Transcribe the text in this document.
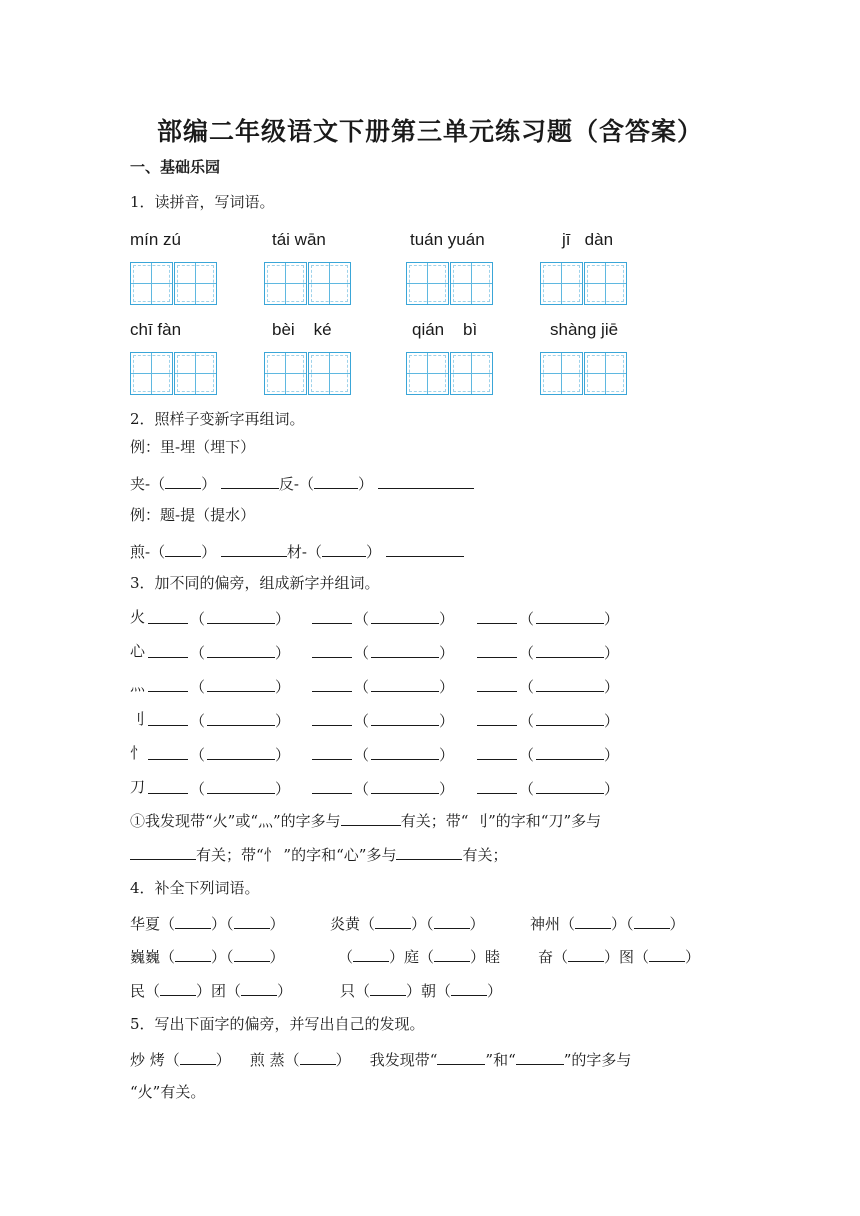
部编二年级语文下册第三单元练习题（含答案）
一、基础乐园
1．读拼音，写词语。
mín zú	tái wān	tuán yuán	jī   dàn
chī fàn	bèi    ké	qián    bì	shàng jiē
2．照样子变新字再组词。
例：里-埋（埋下）
夹-（ ）	反-（	）
例：题-提（提水）
煎-（ ）	材-（	）
3．加不同的偏旁，组成新字并组词。
火	（	）	（	）	（	）
心	（	）	（	）	（	）
灬	（	）	（	）	（	）
刂	（	）	（	）	（	）
忄	（	）	（	）	（	）
刀	（	）	（	）	（	）
①我发现带“火”或“灬”的字多与	有关；带“ 刂”的字和“刀”多与
有关；带“忄 ”的字和“心”多与	有关；
4．补全下列词语。
华夏（ ）（ ）	炎黄（ ）（ ）	神州（ ）（ ）
巍巍（ ）（ ）	（ ）庭（ ）睦	奋（ ）图（ ）
民（ ）团（ ）	只（ ）朝（ ）
5．写出下面字的偏旁，并写出自己的发现。
炒 烤（ ） 煎 蒸（ ） 我发现带“	”和“	”的字多与
“火”有关。
